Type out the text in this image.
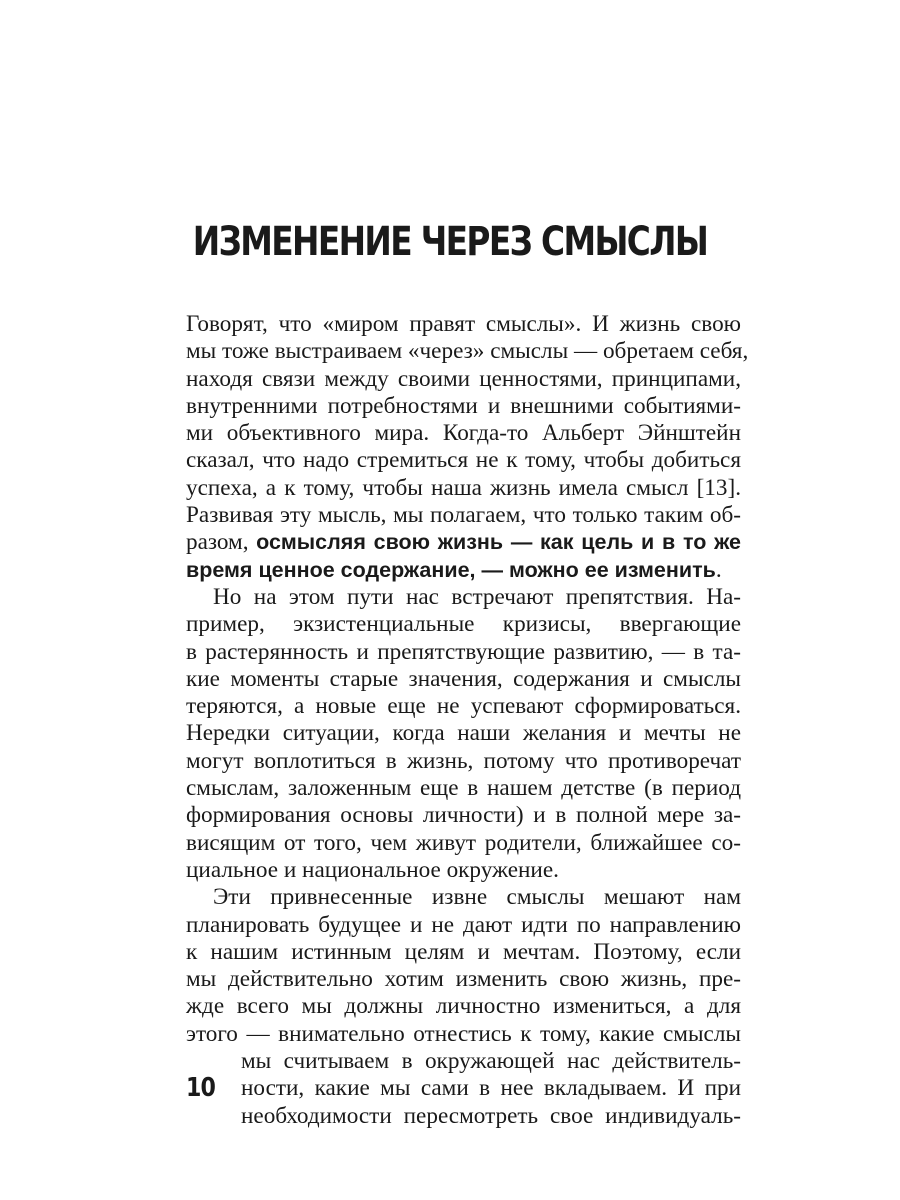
ИЗМЕНЕНИЕ ЧЕРЕЗ СМЫСЛЫ
Говорят, что «миром правят смыслы». И жизнь свою
мы тоже выстраиваем «через» смыслы — обретаем себя,
находя связи между своими ценностями, принципами,
внутренними потребностями и внешними событиями-
ми объективного мира. Когда-то Альберт Эйнштейн
сказал, что надо стремиться не к тому, чтобы добиться
успеха, а к тому, чтобы наша жизнь имела смысл [13].
Развивая эту мысль, мы полагаем, что только таким об-
разом, осмысляя свою жизнь — как цель и в то же
время ценное содержание, — можно ее изменить.
Но на этом пути нас встречают препятствия. На-
пример, экзистенциальные кризисы, ввергающие
в растерянность и препятствующие развитию, — в та-
кие моменты старые значения, содержания и смыслы
теряются, а новые еще не успевают сформироваться.
Нередки ситуации, когда наши желания и мечты не
могут воплотиться в жизнь, потому что противоречат
смыслам, заложенным еще в нашем детстве (в период
формирования основы личности) и в полной мере за-
висящим от того, чем живут родители, ближайшее со-
циальное и национальное окружение.
Эти привнесенные извне смыслы мешают нам
планировать будущее и не дают идти по направлению
к нашим истинным целям и мечтам. Поэтому, если
мы действительно хотим изменить свою жизнь, пре-
жде всего мы должны личностно измениться, а для
этого — внимательно отнестись к тому, какие смыслы
мы считываем в окружающей нас действитель-
ности, какие мы сами в нее вкладываем. И при
необходимости пересмотреть свое индивидуаль-
10
